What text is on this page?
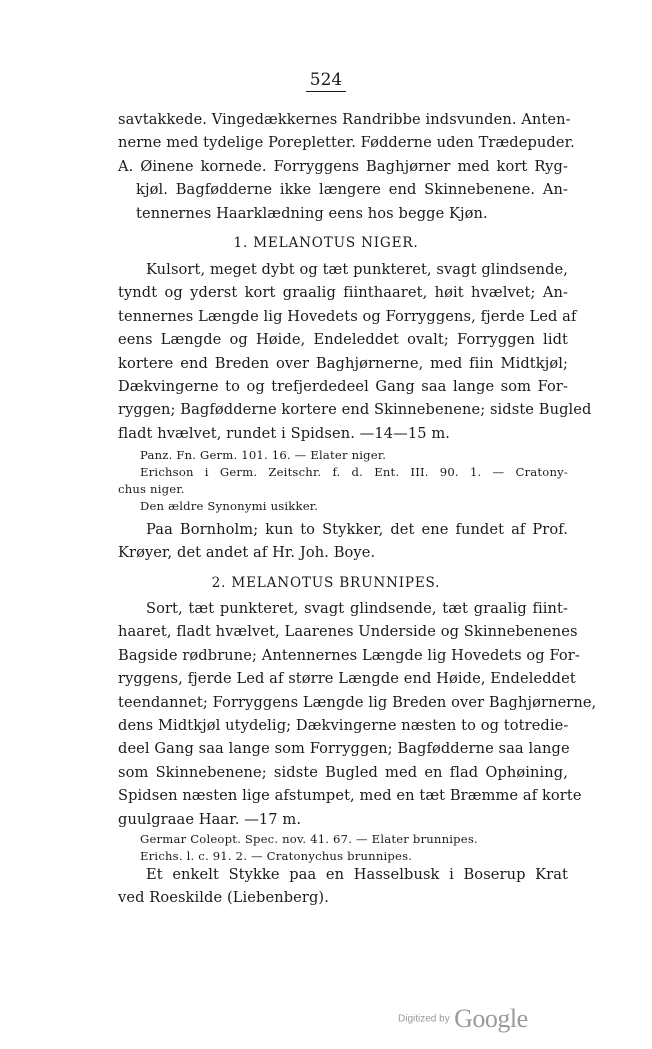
524
savtakkede. Vingedækkernes Randribbe indsvunden. Anten-
nerne med tydelige Porepletter. Fødderne uden Trædepuder.
A. Øinene kornede. Forryggens Baghjørner med kort Ryg-
kjøl. Bagfødderne ikke længere end Skinnebenene. An-
tennernes Haarklædning eens hos begge Kjøn.
1. MELANOTUS NIGER.
Kulsort, meget dybt og tæt punkteret, svagt glindsende,
tyndt og yderst kort graalig fiinthaaret, høit hvælvet; An-
tennernes Længde lig Hovedets og Forryggens, fjerde Led af
eens Længde og Høide, Endeleddet ovalt; Forryggen lidt
kortere end Breden over Baghjørnerne, med fiin Midtkjøl;
Dækvingerne to og trefjerdedeel Gang saa lange som For-
ryggen; Bagfødderne kortere end Skinnebenene; sidste Bugled
fladt hvælvet, rundet i Spidsen. —14—15 m.
Panz. Fn. Germ. 101. 16. — Elater niger.
Erichson i Germ. Zeitschr. f. d. Ent. III. 90. 1. — Cratony-
chus niger.
Den ældre Synonymi usikker.
Paa Bornholm; kun to Stykker, det ene fundet af Prof.
Krøyer, det andet af Hr. Joh. Boye.
2. MELANOTUS BRUNNIPES.
Sort, tæt punkteret, svagt glindsende, tæt graalig fiint-
haaret, fladt hvælvet, Laarenes Underside og Skinnebenenes
Bagside rødbrune; Antennernes Længde lig Hovedets og For-
ryggens, fjerde Led af større Længde end Høide, Endeleddet
teendannet; Forryggens Længde lig Breden over Baghjørnerne,
dens Midtkjøl utydelig; Dækvingerne næsten to og totredie-
deel Gang saa lange som Forryggen; Bagfødderne saa lange
som Skinnebenene; sidste Bugled med en flad Ophøining,
Spidsen næsten lige afstumpet, med en tæt Bræmme af korte
guulgraae Haar. —17 m.
Germar Coleopt. Spec. nov. 41. 67. — Elater brunnipes.
Erichs. l. c. 91. 2. — Cratonychus brunnipes.
Et enkelt Stykke paa en Hasselbusk i Boserup Krat
ved Roeskilde (Liebenberg).
Digitized by Google
